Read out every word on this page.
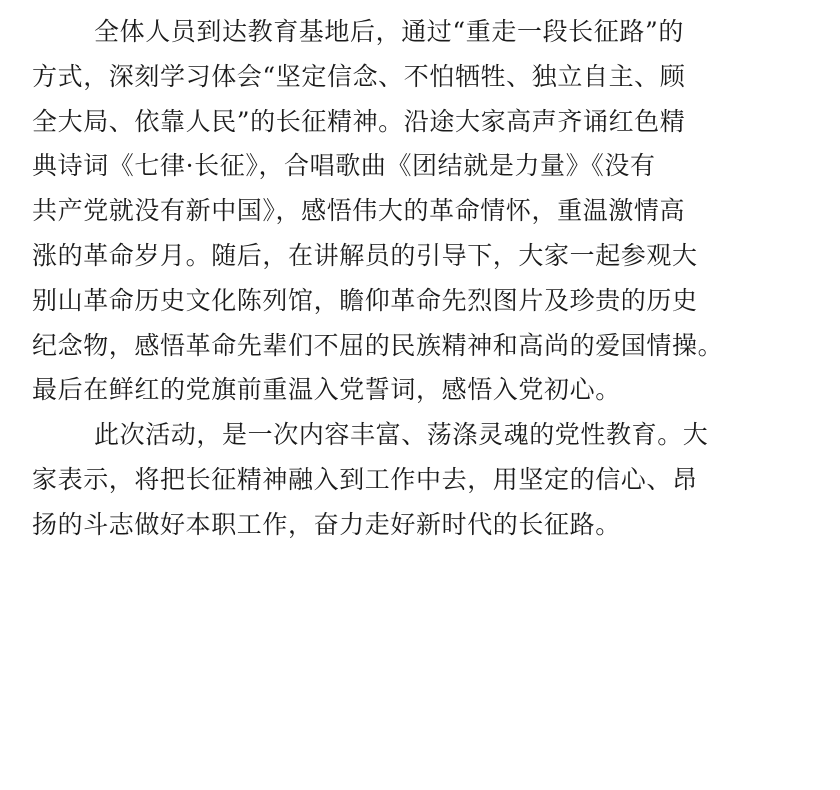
全体人员到达教育基地后，通过“重走一段长征路”的
方式，深刻学习体会“坚定信念、不怕牺牲、独立自主、顾
全大局、依靠人民”的长征精神。沿途大家高声齐诵红色精
典诗词《七律·长征》，合唱歌曲《团结就是力量》《没有
共产党就没有新中国》，感悟伟大的革命情怀，重温激情高
涨的革命岁月。随后，在讲解员的引导下，大家一起参观大
别山革命历史文化陈列馆，瞻仰革命先烈图片及珍贵的历史
纪念物，感悟革命先辈们不屈的民族精神和高尚的爱国情操。
最后在鲜红的党旗前重温入党誓词，感悟入党初心。
此次活动，是一次内容丰富、荡涤灵魂的党性教育。大
家表示，将把长征精神融入到工作中去，用坚定的信心、昂
扬的斗志做好本职工作，奋力走好新时代的长征路。
